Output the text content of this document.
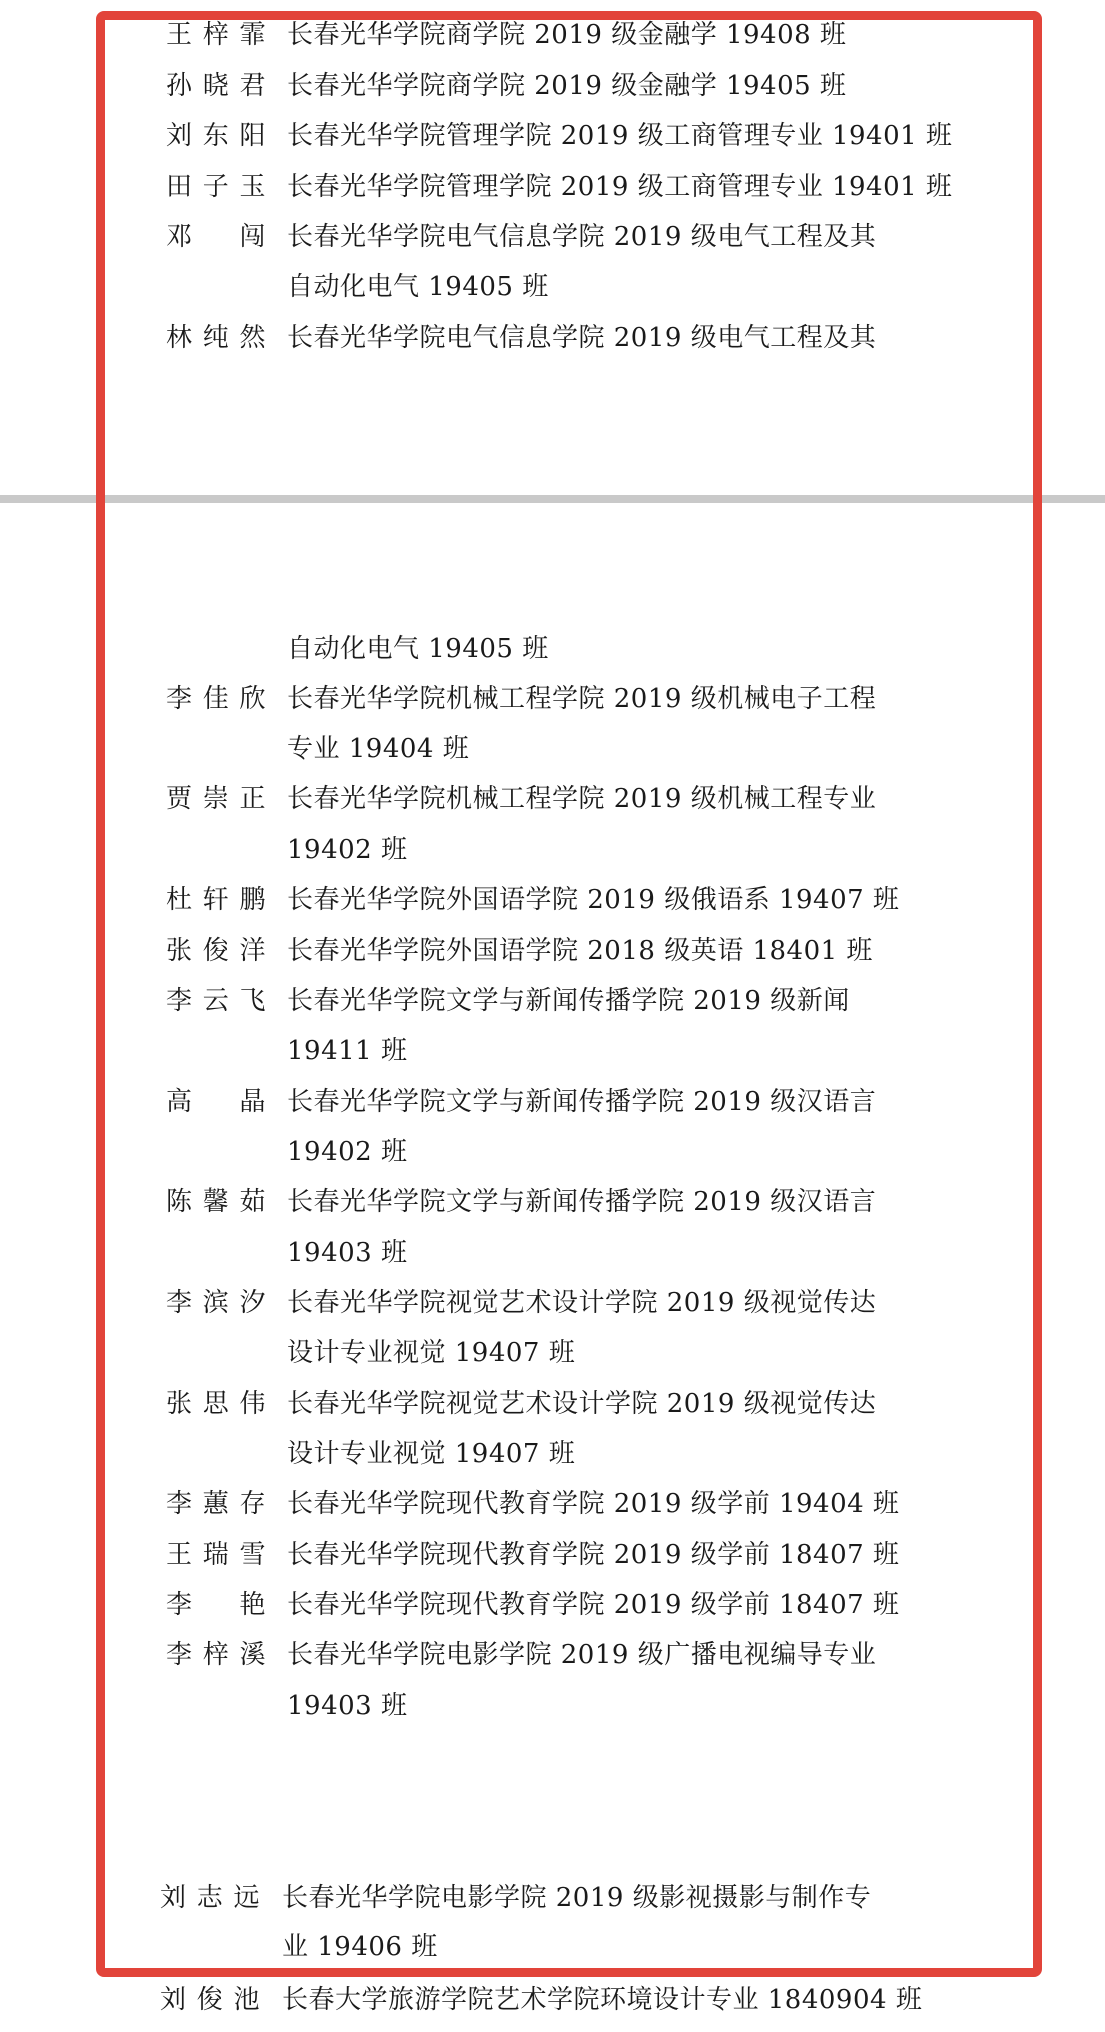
王 梓 霏 长春光华学院商学院 2019 级金融学 19408 班
孙 晓 君 长春光华学院商学院 2019 级金融学 19405 班
刘 东 阳 长春光华学院管理学院 2019 级工商管理专业 19401 班
田 子 玉 长春光华学院管理学院 2019 级工商管理专业 19401 班
邓 闯 长春光华学院电气信息学院 2019 级电气工程及其
自动化电气 19405 班
林 纯 然 长春光华学院电气信息学院 2019 级电气工程及其
自动化电气 19405 班
李 佳 欣 长春光华学院机械工程学院 2019 级机械电子工程
专业 19404 班
贾 崇 正 长春光华学院机械工程学院 2019 级机械工程专业
19402 班
杜 轩 鹏 长春光华学院外国语学院 2019 级俄语系 19407 班
张 俊 洋 长春光华学院外国语学院 2018 级英语 18401 班
李 云 飞 长春光华学院文学与新闻传播学院 2019 级新闻
19411 班
高 晶 长春光华学院文学与新闻传播学院 2019 级汉语言
19402 班
陈 馨 茹 长春光华学院文学与新闻传播学院 2019 级汉语言
19403 班
李 滨 汐 长春光华学院视觉艺术设计学院 2019 级视觉传达
设计专业视觉 19407 班
张 思 伟 长春光华学院视觉艺术设计学院 2019 级视觉传达
设计专业视觉 19407 班
李 蕙 存 长春光华学院现代教育学院 2019 级学前 19404 班
王 瑞 雪 长春光华学院现代教育学院 2019 级学前 18407 班
李 艳 长春光华学院现代教育学院 2019 级学前 18407 班
李 梓 溪 长春光华学院电影学院 2019 级广播电视编导专业
19403 班
刘 志 远 长春光华学院电影学院 2019 级影视摄影与制作专
业 19406 班
刘 俊 池 长春大学旅游学院艺术学院环境设计专业 1840904 班
